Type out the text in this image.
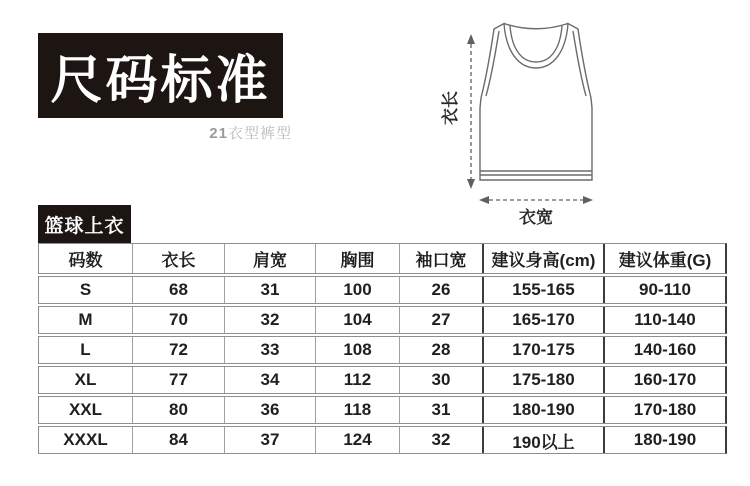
尺码标准
21衣型裤型
衣长
衣宽
篮球上衣
码数	衣长	肩宽	胸围	袖口宽	建议身高(cm)	建议体重(G)
S	68	31	100	26	155-165	90-110
M	70	32	104	27	165-170	110-140
L	72	33	108	28	170-175	140-160
XL	77	34	112	30	175-180	160-170
XXL	80	36	118	31	180-190	170-180
XXXL	84	37	124	32	190以上	180-190
